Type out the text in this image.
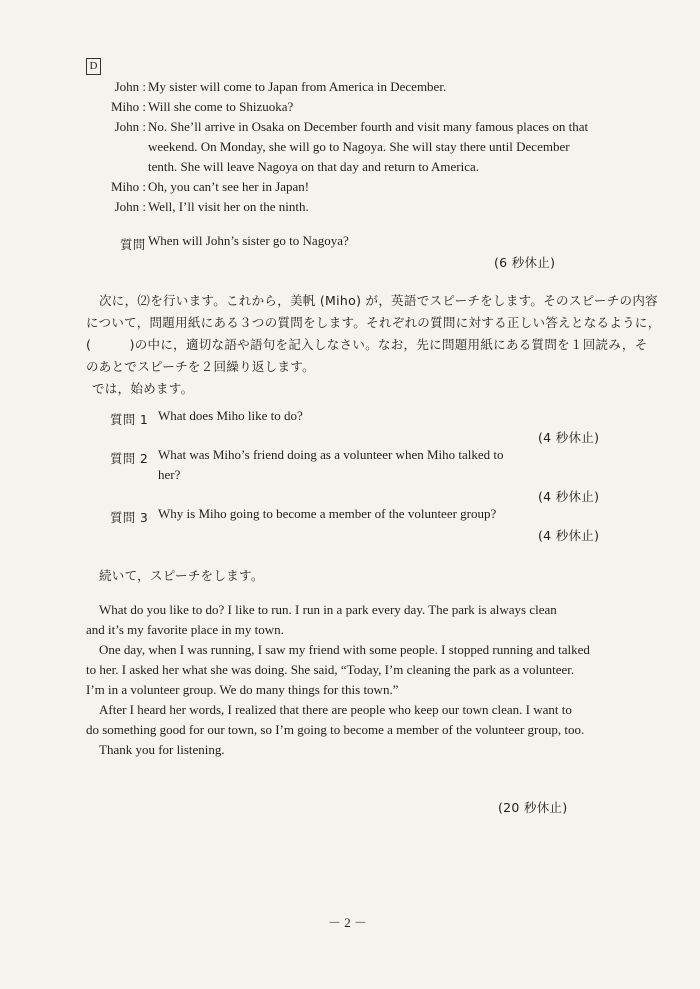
D
John : My sister will come to Japan from America in December.
Miho : Will she come to Shizuoka?
John : No. She’ll arrive in Osaka on December fourth and visit many famous places on that
weekend. On Monday, she will go to Nagoya. She will stay there until December
tenth. She will leave Nagoya on that day and return to America.
Miho : Oh, you can’t see her in Japan!
John : Well, I’ll visit her on the ninth.
質問 When will John’s sister go to Nagoya?
(6 秒休止)
次に，⑵を行います。これから，美帆 (Miho) が，英語でスピーチをします。そのスピーチの内容
について，問題用紙にある３つの質問をします。それぞれの質問に対する正しい答えとなるように，
(　　　)の中に，適切な語や語句を記入しなさい。なお，先に問題用紙にある質問を１回読み，そ
のあとでスピーチを２回繰り返します。
では，始めます。
質問 1 What does Miho like to do?
(4 秒休止)
質問 2 What was Miho’s friend doing as a volunteer when Miho talked to
her?
(4 秒休止)
質問 3 Why is Miho going to become a member of the volunteer group?
(4 秒休止)
続いて，スピーチをします。
What do you like to do? I like to run. I run in a park every day. The park is always clean
and it’s my favorite place in my town.
One day, when I was running, I saw my friend with some people. I stopped running and talked
to her. I asked her what she was doing. She said, “Today, I’m cleaning the park as a volunteer.
I’m in a volunteer group. We do many things for this town.”
After I heard her words, I realized that there are people who keep our town clean. I want to
do something good for our town, so I’m going to become a member of the volunteer group, too.
Thank you for listening.
(20 秒休止)
－ 2 －
